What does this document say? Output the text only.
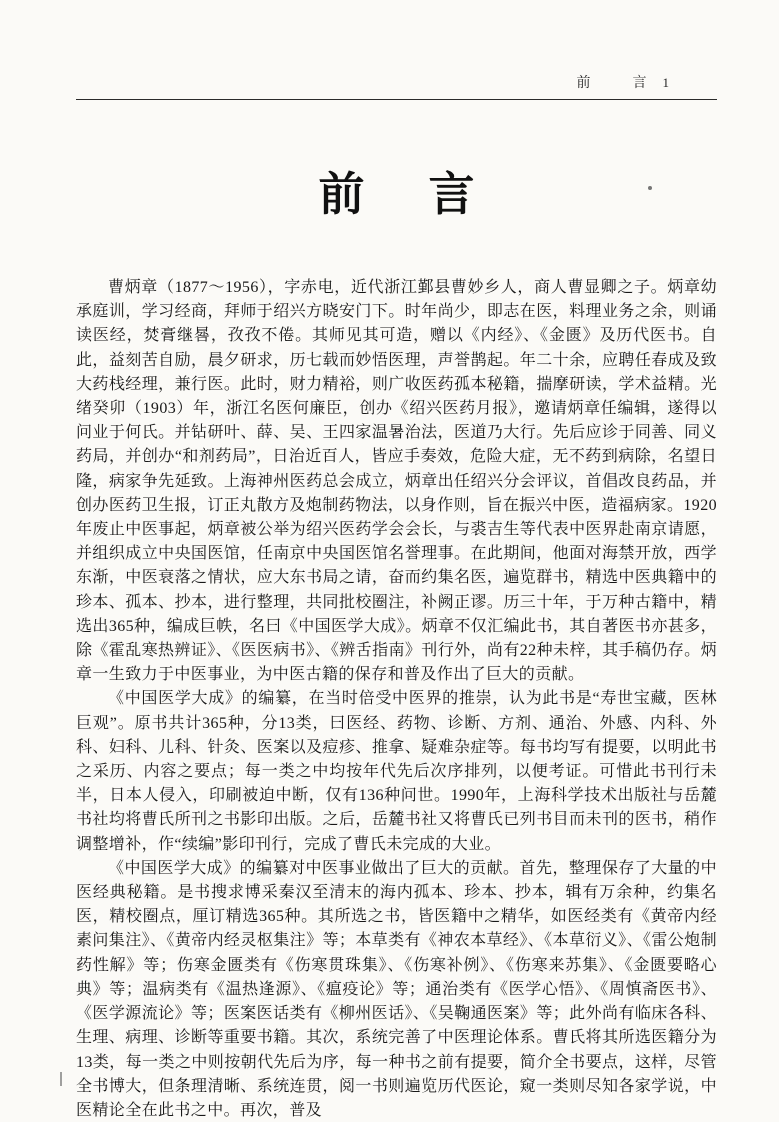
前　言 1
前言

曹炳章（1877～1956），字赤电，近代浙江鄞县曹妙乡人，商人曹显卿之子。炳章幼承庭训，学习经商，拜师于绍兴方晓安门下。时年尚少，即志在医，料理业务之余，则诵读医经，焚膏继晷，孜孜不倦。其师见其可造，赠以《内经》、《金匮》及历代医书。自此，益刻苦自励，晨夕研求，历七载而妙悟医理，声誉鹊起。年二十余，应聘任春成及致大药栈经理，兼行医。此时，财力精裕，则广收医药孤本秘籍，揣摩研读，学术益精。光绪癸卯（1903）年，浙江名医何廉臣，创办《绍兴医药月报》，邀请炳章任编辑，遂得以问业于何氏。并钻研叶、薛、吴、王四家温暑治法，医道乃大行。先后应诊于同善、同义药局，并创办“和剂药局”，日治近百人，皆应手奏效，危险大症，无不药到病除，名望日隆，病家争先延致。上海神州医药总会成立，炳章出任绍兴分会评议，首倡改良药品，并创办医药卫生报，订正丸散方及炮制药物法，以身作则，旨在振兴中医，造福病家。1920年废止中医事起，炳章被公举为绍兴医药学会会长，与裘吉生等代表中医界赴南京请愿，并组织成立中央国医馆，任南京中央国医馆名誉理事。在此期间，他面对海禁开放，西学东渐，中医衰落之情状，应大东书局之请，奋而约集名医，遍览群书，精选中医典籍中的珍本、孤本、抄本，进行整理，共同批校圈注，补阙正谬。历三十年，于万种古籍中，精选出365种，编成巨帙，名曰《中国医学大成》。炳章不仅汇编此书，其自著医书亦甚多，除《霍乱寒热辨证》、《医医病书》、《辨舌指南》刊行外，尚有22种未梓，其手稿仍存。炳章一生致力于中医事业，为中医古籍的保存和普及作出了巨大的贡献。

《中国医学大成》的编纂，在当时倍受中医界的推崇，认为此书是“寿世宝藏，医林巨观”。原书共计365种，分13类，曰医经、药物、诊断、方剂、通治、外感、内科、外科、妇科、儿科、针灸、医案以及痘疹、推拿、疑难杂症等。每书均写有提要，以明此书之采历、内容之要点；每一类之中均按年代先后次序排列，以便考证。可惜此书刊行未半，日本人侵入，印刷被迫中断，仅有136种问世。1990年，上海科学技术出版社与岳麓书社均将曹氏所刊之书影印出版。之后，岳麓书社又将曹氏已列书目而未刊的医书，稍作调整增补，作“续编”影印刊行，完成了曹氏未完成的大业。

《中国医学大成》的编纂对中医事业做出了巨大的贡献。首先，整理保存了大量的中医经典秘籍。是书搜求博采秦汉至清末的海内孤本、珍本、抄本，辑有万余种，约集名医，精校圈点，厘订精选365种。其所选之书，皆医籍中之精华，如医经类有《黄帝内经素问集注》、《黄帝内经灵枢集注》等；本草类有《神农本草经》、《本草衍义》、《雷公炮制药性解》等；伤寒金匮类有《伤寒贯珠集》、《伤寒补例》、《伤寒来苏集》、《金匮要略心典》等；温病类有《温热逢源》、《瘟疫论》等；通治类有《医学心悟》、《周慎斋医书》、《医学源流论》等；医案医话类有《柳州医话》、《吴鞠通医案》等；此外尚有临床各科、生理、病理、诊断等重要书籍。其次，系统完善了中医理论体系。曹氏将其所选医籍分为13类，每一类之中则按朝代先后为序，每一种书之前有提要，简介全书要点，这样，尽管全书博大，但条理清晰、系统连贯，阅一书则遍览历代医论，窥一类则尽知各家学说，中医精论全在此书之中。再次，普及
